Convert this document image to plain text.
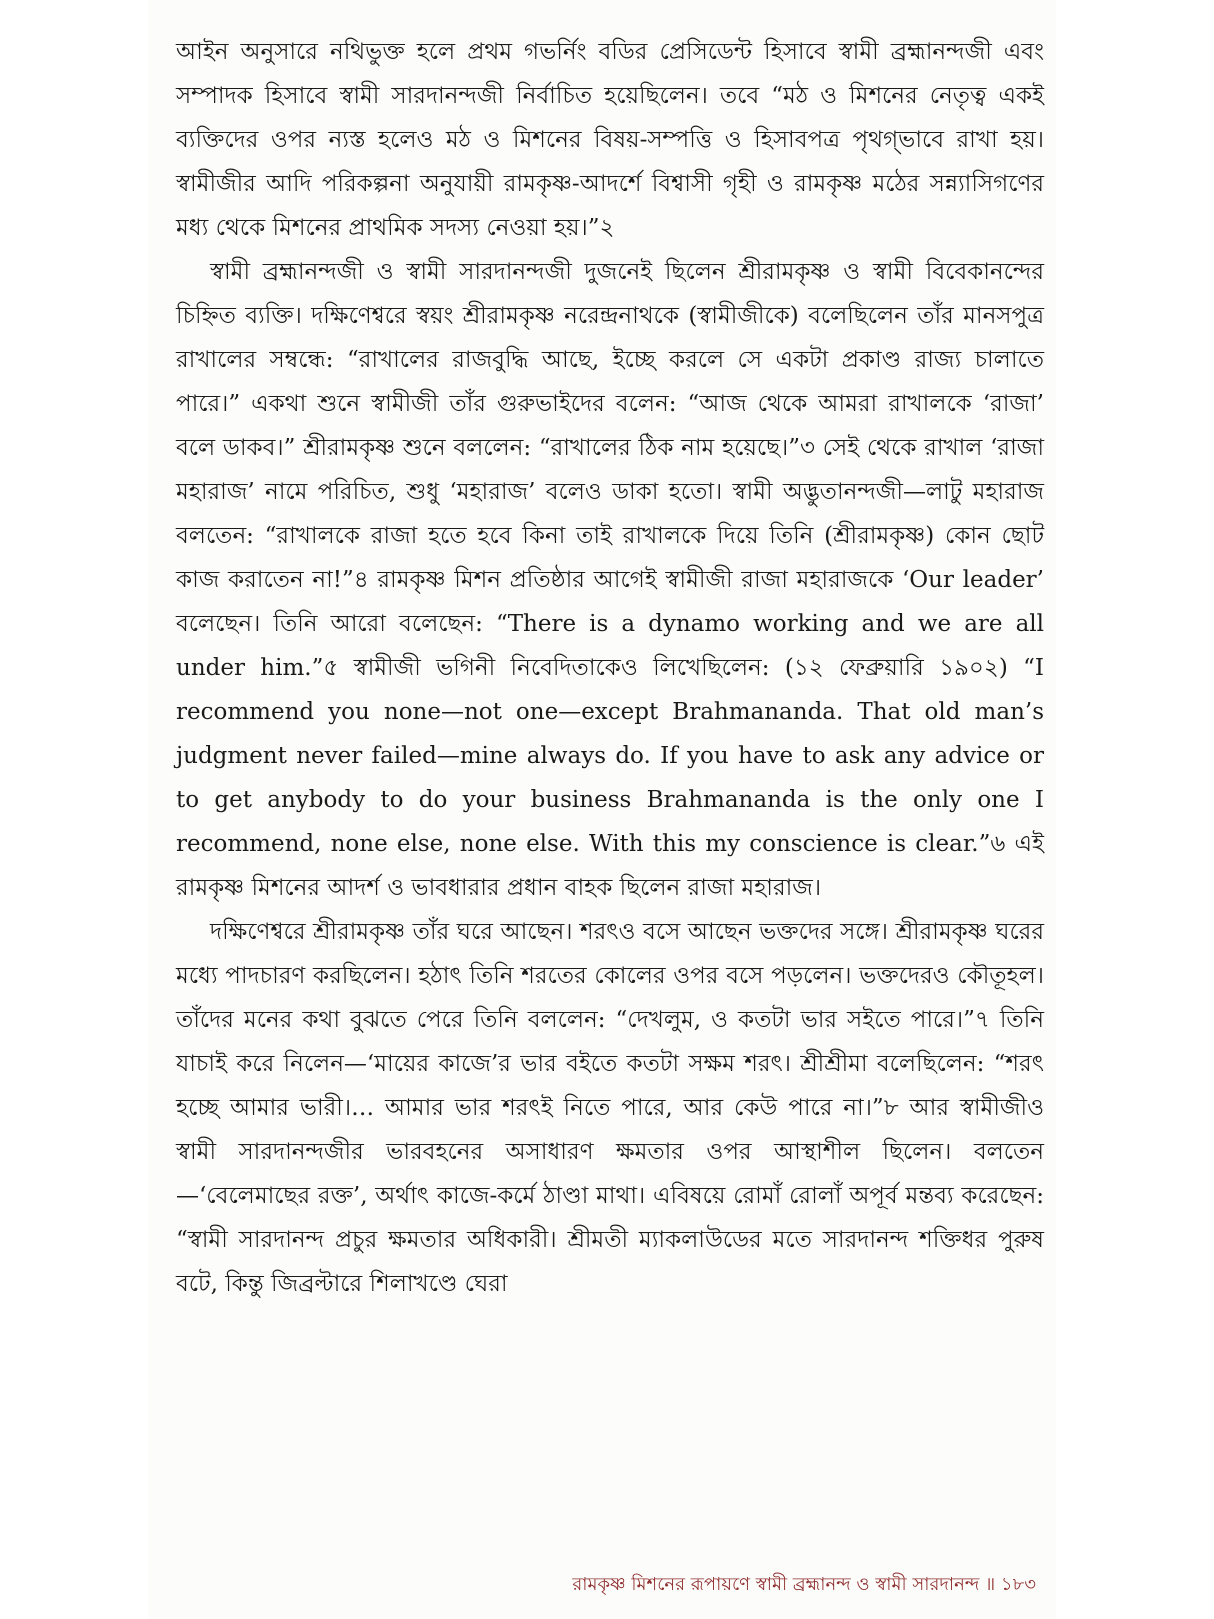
আইন অনুসারে নথিভুক্ত হলে প্রথম গভর্নিং বডির প্রেসিডেন্ট হিসাবে স্বামী ব্রহ্মানন্দজী এবং সম্পাদক হিসাবে স্বামী সারদানন্দজী নির্বাচিত হয়েছিলেন। তবে “মঠ ও মিশনের নেতৃত্ব একই ব্যক্তিদের ওপর ন্যস্ত হলেও মঠ ও মিশনের বিষয়-সম্পত্তি ও হিসাবপত্র পৃথগ্‌ভাবে রাখা হয়। স্বামীজীর আদি পরিকল্পনা অনুযায়ী রামকৃষ্ণ-আদর্শে বিশ্বাসী গৃহী ও রামকৃষ্ণ মঠের সন্ন্যাসিগণের মধ্য থেকে মিশনের প্রাথমিক সদস্য নেওয়া হয়।”২

স্বামী ব্রহ্মানন্দজী ও স্বামী সারদানন্দজী দুজনেই ছিলেন শ্রীরামকৃষ্ণ ও স্বামী বিবেকানন্দের চিহ্নিত ব্যক্তি। দক্ষিণেশ্বরে স্বয়ং শ্রীরামকৃষ্ণ নরেন্দ্রনাথকে (স্বামীজীকে) বলেছিলেন তাঁর মানসপুত্র রাখালের সম্বন্ধে: “রাখালের রাজবুদ্ধি আছে, ইচ্ছে করলে সে একটা প্রকাণ্ড রাজ্য চালাতে পারে।” একথা শুনে স্বামীজী তাঁর গুরুভাইদের বলেন: “আজ থেকে আমরা রাখালকে ‘রাজা’ বলে ডাকব।” শ্রীরামকৃষ্ণ শুনে বললেন: “রাখালের ঠিক নাম হয়েছে।”৩ সেই থেকে রাখাল ‘রাজা মহারাজ’ নামে পরিচিত, শুধু ‘মহারাজ’ বলেও ডাকা হতো। স্বামী অদ্ভুতানন্দজী—লাটু মহারাজ বলতেন: “রাখালকে রাজা হতে হবে কিনা তাই রাখালকে দিয়ে তিনি (শ্রীরামকৃষ্ণ) কোন ছোট কাজ করাতেন না!”৪ রামকৃষ্ণ মিশন প্রতিষ্ঠার আগেই স্বামীজী রাজা মহারাজকে ‘Our leader’ বলেছেন। তিনি আরো বলেছেন: “There is a dynamo working and we are all under him.”৫ স্বামীজী ভগিনী নিবেদিতাকেও লিখেছিলেন: (১২ ফেব্রুয়ারি ১৯০২) “I recommend you none—not one—except Brahmananda. That old man’s judgment never failed—mine always do. If you have to ask any advice or to get anybody to do your business Brahmananda is the only one I recommend, none else, none else. With this my conscience is clear.”৬ এই রামকৃষ্ণ মিশনের আদর্শ ও ভাবধারার প্রধান বাহক ছিলেন রাজা মহারাজ।

দক্ষিণেশ্বরে শ্রীরামকৃষ্ণ তাঁর ঘরে আছেন। শরৎও বসে আছেন ভক্তদের সঙ্গে। শ্রীরামকৃষ্ণ ঘরের মধ্যে পাদচারণ করছিলেন। হঠাৎ তিনি শরতের কোলের ওপর বসে পড়লেন। ভক্তদেরও কৌতূহল। তাঁদের মনের কথা বুঝতে পেরে তিনি বললেন: “দেখলুম, ও কতটা ভার সইতে পারে।”৭ তিনি যাচাই করে নিলেন—‘মায়ের কাজে’র ভার বইতে কতটা সক্ষম শরৎ। শ্রীশ্রীমা বলেছিলেন: “শরৎ হচ্ছে আমার ভারী।… আমার ভার শরৎই নিতে পারে, আর কেউ পারে না।”৮ আর স্বামীজীও স্বামী সারদানন্দজীর ভারবহনের অসাধারণ ক্ষমতার ওপর আস্থাশীল ছিলেন। বলতেন—‘বেলেমাছের রক্ত’, অর্থাৎ কাজে-কর্মে ঠাণ্ডা মাথা। এবিষয়ে রোমাঁ রোলাঁ অপূর্ব মন্তব্য করেছেন: “স্বামী সারদানন্দ প্রচুর ক্ষমতার অধিকারী। শ্রীমতী ম্যাকলাউডের মতে সারদানন্দ শক্তিধর পুরুষ বটে, কিন্তু জিব্রল্টারে শিলাখণ্ডে ঘেরা

রামকৃষ্ণ মিশনের রূপায়ণে স্বামী ব্রহ্মানন্দ ও স্বামী সারদানন্দ ॥ ১৮৩
